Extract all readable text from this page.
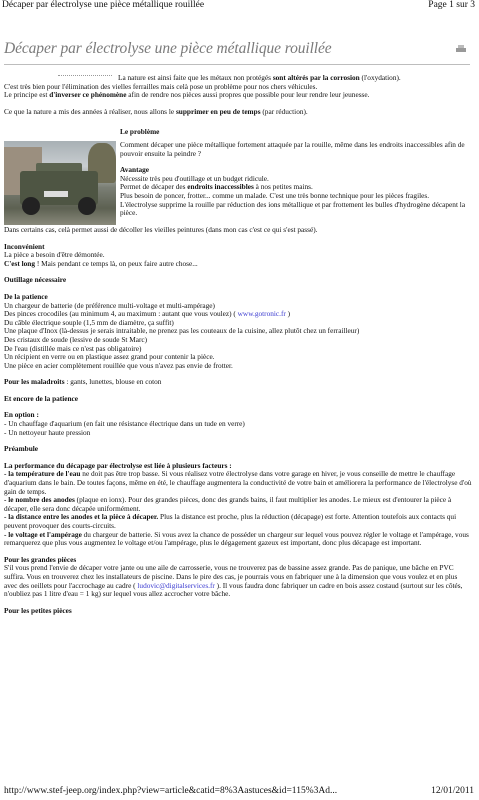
Décaper par électrolyse une pièce métallique rouillée	Page 1 sur 3
Décaper par électrolyse une pièce métallique rouillée

La nature est ainsi faite que les métaux non protégés sont altérés par la corrosion (l'oxydation).

C'est très bien pour l'élimination des vielles ferrailles mais celà pose un problème pour nos chers véhicules.

Le principe est d'inverser ce phénomène afin de rendre nos pièces aussi propres que possible pour leur rendre leur jeunesse.

Ce que la nature a mis des années à réaliser, nous allons le supprimer en peu de temps (par réduction).

Le problème

Comment décaper une pièce métallique fortement attaquée par la rouille, même dans les endroits inaccessibles afin de pouvoir ensuite la peindre ?

Avantage

Nécessite très peu d'outillage et un budget ridicule.

Permet de décaper des endroits inaccessibles à nos petites mains.

Plus besoin de poncer, frotter... comme un malade. C'est une très bonne technique pour les pièces fragiles.

L'électrolyse supprime la rouille par réduction des ions métallique et par frottement les bulles d'hydrogène décapent la pièce.

Dans certains cas, celà permet aussi de décoller les vieilles peintures (dans mon cas c'est ce qui s'est passé).

Inconvénient

La pièce a besoin d'être démontée.

C'est long ! Mais pendant ce temps là, on peux faire autre chose...

Outillage nécessaire

De la patience

Un chargeur de batterie (de préférence multi-voltage et multi-ampérage)

Des pinces crocodiles (au minimum 4, au maximum : autant que vous voulez) ( www.gotronic.fr )

Du câble électrique souple (1,5 mm de diamètre, ça suffit)

Une plaque d'Inox (là-dessus je serais intraitable, ne prenez pas les couteaux de la cuisine, allez plutôt chez un ferrailleur)

Des cristaux de soude (lessive de soude St Marc)

De l'eau (distillée mais ce n'est pas obligatoire)

Un récipient en verre ou en plastique assez grand pour contenir la pièce.

Une pièce en acier complètement rouillée que vous n'avez pas envie de frotter.

Pour les maladroits : gants, lunettes, blouse en coton

Et encore de la patience

En option :

- Un chauffage d'aquarium (en fait une résistance électrique dans un tude en verre)

- Un nettoyeur haute pression

Préambule

La performance du décapage par électrolyse est liée à plusieurs facteurs :

- la température de l'eau ne doit pas être trop basse. Si vous réalisez votre électrolyse dans votre garage en hiver, je vous conseille de mettre le chauffage d'aquarium dans le bain. De toutes façons, même en été, le chauffage augmentera la conductivité de votre bain et améliorera la performance de l'électrolyse d'où gain de temps.

- le nombre des anodes (plaque en ionx). Pour des grandes pièces, donc des grands bains, il faut multiplier les anodes. Le mieux est d'entourer la pièce à décaper, elle sera donc décapée uniformément.

- la distance entre les anodes et la pièce à décaper. Plus la distance est proche, plus la réduction (décapage) est forte. Attention toutefois aux contacts qui peuvent provoquer des courts-circuits.

- le voltage et l'ampérage du chargeur de batterie. Si vous avez la chance de posséder un chargeur sur lequel vous pouvez régler le voltage et l'ampérage, vous remarquerez que plus vous augmentez le voltage et/ou l'ampérage, plus le dégagement gazeux est important, donc plus décapage est important.

Pour les grandes pièces

S'il vous prend l'envie de décaper votre jante ou une aile de carrosserie, vous ne trouverez pas de bassine assez grande. Pas de panique, une bâche en PVC suffira. Vous en trouverez chez les installateurs de piscine. Dans le pire des cas, je pourrais vous en fabriquer une à la dimension que vous voulez et en plus avec des oeillets pour l'accrochage au cadre ( ludovic@digitalservices.fr ). Il vous faudra donc fabriquer un cadre en bois assez costaud (surtout sur les côtés, n'oubliez pas 1 litre d'eau = 1 kg) sur lequel vous allez accrocher votre bâche.

Pour les petites pièces

http://www.stef-jeep.org/index.php?view=article&catid=8%3Aastuces&id=115%3Ad...	12/01/2011
